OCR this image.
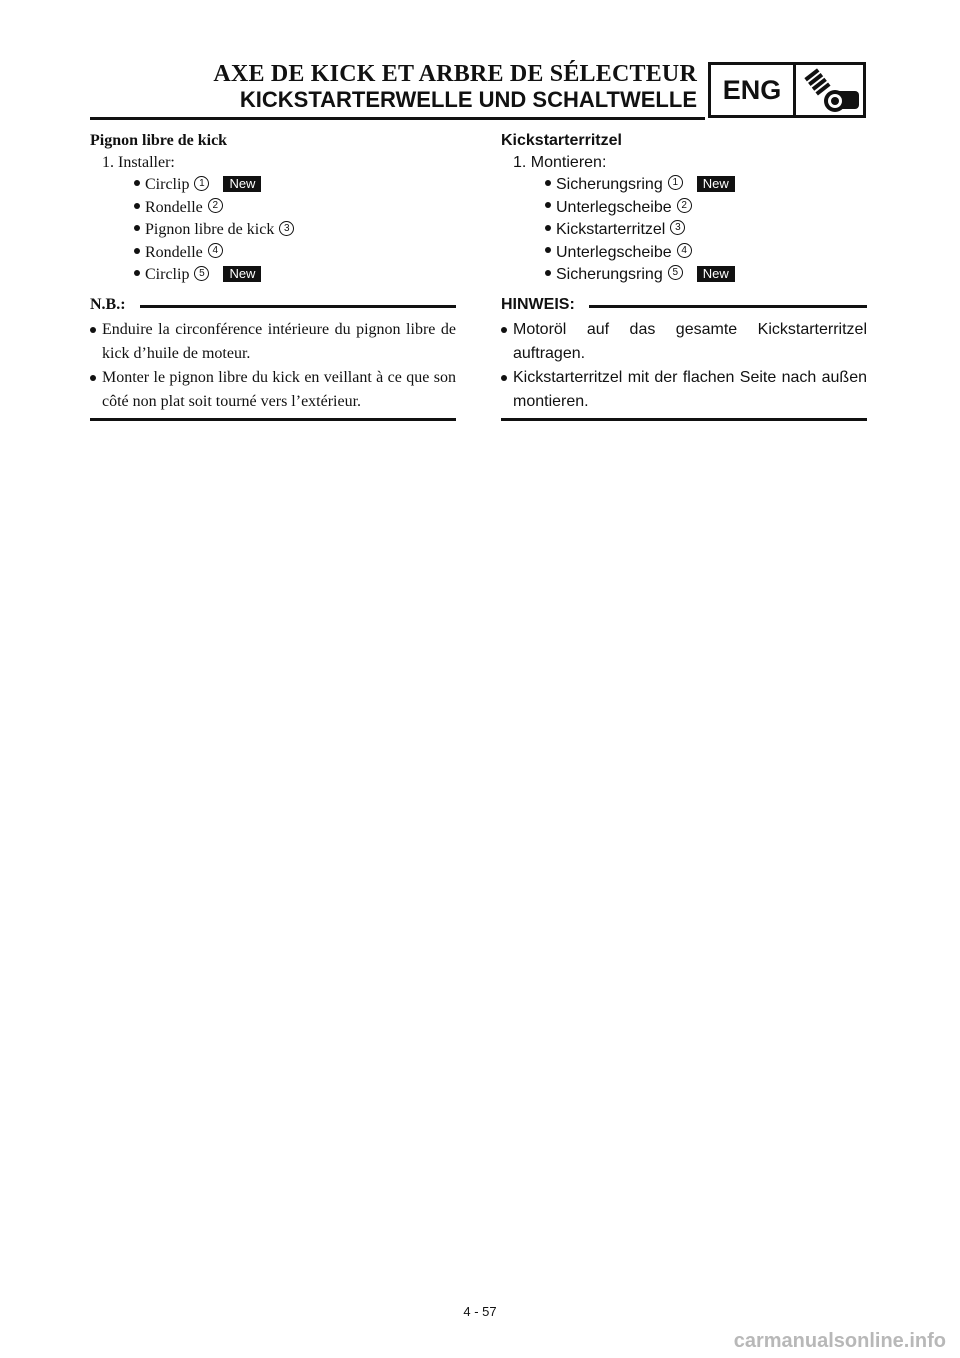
AXE DE KICK ET ARBRE DE SÉLECTEUR
KICKSTARTERWELLE UND SCHALTWELLE ENG

Pignon libre de kick

1. Installer:

Circlip 1 New
Rondelle 2
Pignon libre de kick 3
Rondelle 4
Circlip 5 New
N.B.:
Enduire la circonférence intérieure du pignon libre de kick d’huile de moteur.
Monter le pignon libre du kick en veillant à ce que son côté non plat soit tourné vers l’extérieur.

Kickstarterritzel

1. Montieren:

Sicherungsring 1 New
Unterlegscheibe 2
Kickstarterritzel 3
Unterlegscheibe 4
Sicherungsring 5 New
HINWEIS:
Motoröl auf das gesamte Kickstarterritzel auftragen.
Kickstarterritzel mit der flachen Seite nach außen montieren.
4 - 57
carmanualsonline.info
